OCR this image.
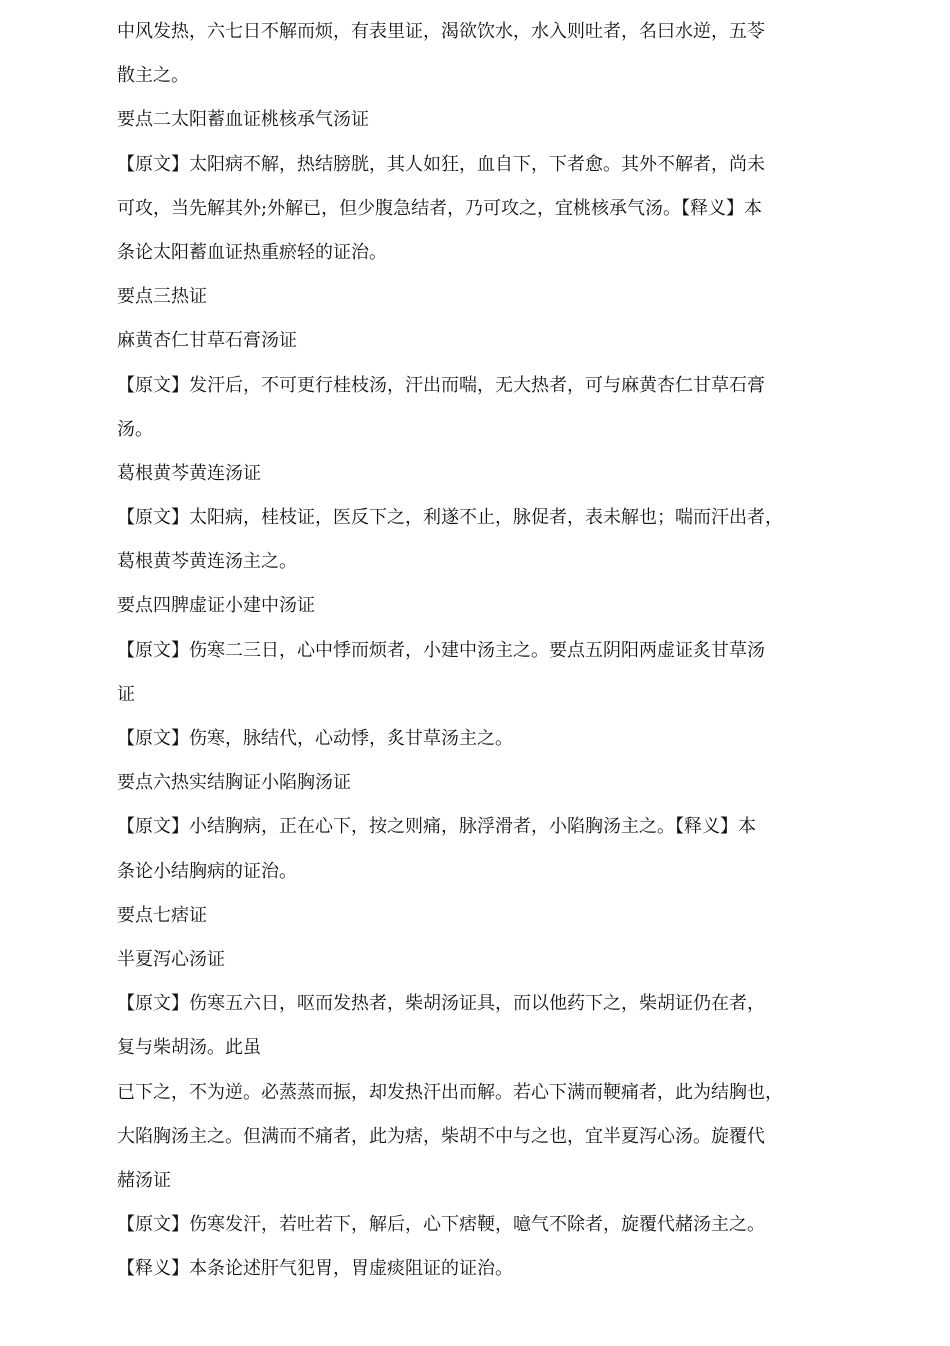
中风发热，六七日不解而烦，有表里证，渴欲饮水，水入则吐者，名曰水逆，五苓
散主之。
要点二太阳蓄血证桃核承气汤证
【原文】太阳病不解，热结膀胱，其人如狂，血自下，下者愈。其外不解者，尚未
可攻，当先解其外;外解已，但少腹急结者，乃可攻之，宜桃核承气汤。【释义】本
条论太阳蓄血证热重瘀轻的证治。
要点三热证
麻黄杏仁甘草石膏汤证
【原文】发汗后，不可更行桂枝汤，汗出而喘，无大热者，可与麻黄杏仁甘草石膏
汤。
葛根黄芩黄连汤证
【原文】太阳病，桂枝证，医反下之，利遂不止，脉促者，表未解也；喘而汗出者，
葛根黄芩黄连汤主之。
要点四脾虚证小建中汤证
【原文】伤寒二三日，心中悸而烦者，小建中汤主之。要点五阴阳两虚证炙甘草汤
证
【原文】伤寒，脉结代，心动悸，炙甘草汤主之。
要点六热实结胸证小陷胸汤证
【原文】小结胸病，正在心下，按之则痛，脉浮滑者，小陷胸汤主之。【释义】本
条论小结胸病的证治。
要点七痞证
半夏泻心汤证
【原文】伤寒五六日，呕而发热者，柴胡汤证具，而以他药下之，柴胡证仍在者，
复与柴胡汤。此虽
已下之，不为逆。必蒸蒸而振，却发热汗出而解。若心下满而鞕痛者，此为结胸也，
大陷胸汤主之。但满而不痛者，此为痞，柴胡不中与之也，宜半夏泻心汤。旋覆代
赭汤证
【原文】伤寒发汗，若吐若下，解后，心下痞鞕，噫气不除者，旋覆代赭汤主之。
【释义】本条论述肝气犯胃，胃虚痰阻证的证治。
